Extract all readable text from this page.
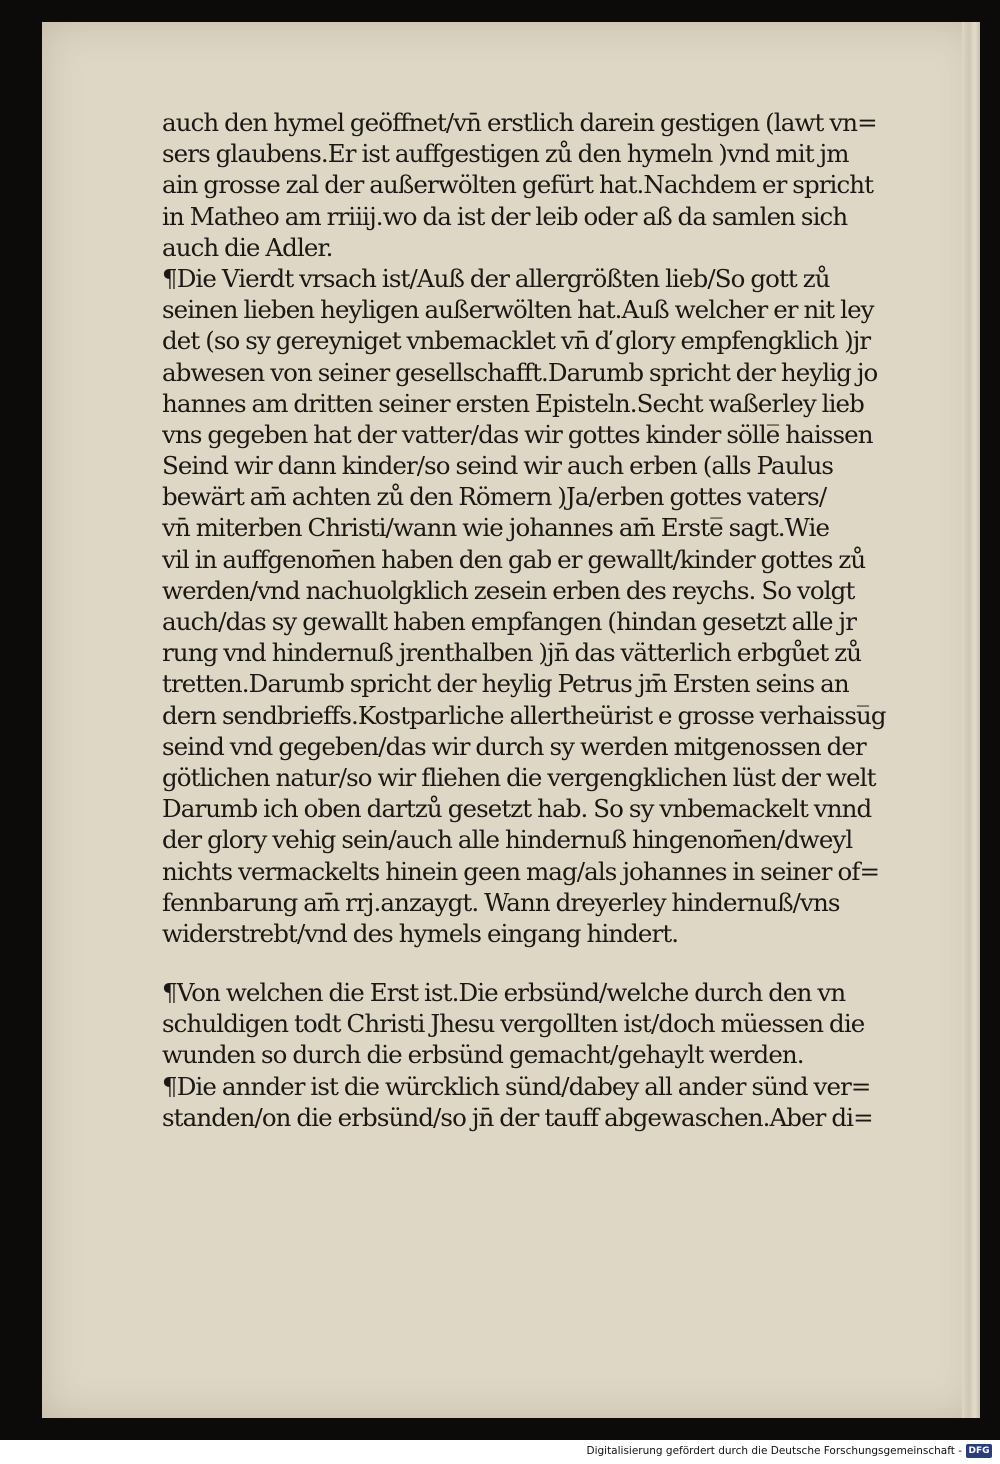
auch den hymel geöffnet/vn̄ erstlich darein gestigen (lawt vn=
sers glaubens.Er ist auffgestigen zů den hymeln )vnd mit jm
ain grosse zal der außerwölten gefürt hat.Nachdem er spricht
in Matheo am rriiij.wo da ist der leib oder aß da samlen sich
auch die Adler.
¶Die Vierdt vrsach ist/Auß der allergrößten lieb/So gott zů
seinen lieben heyligen außerwölten hat.Auß welcher er nit ley
det (so sy gereyniget vnbemacklet vn̄ ď glory empfengklich )jr
abwesen von seiner gesellschafft.Darumb spricht der heylig jo
hannes am dritten seiner ersten Episteln.Secht waßerley lieb
vns gegeben hat der vatter/das wir gottes kinder sölle̅ haissen
Seind wir dann kinder/so seind wir auch erben (alls Paulus
bewärt am̄ achten zů den Römern )Ja/erben gottes vaters/
vn̄ miterben Christi/wann wie johannes am̄ Erste̅ sagt.Wie
vil in auffgenom̄en haben den gab er gewallt/kinder gottes zů
werden/vnd nachuolgklich zesein erben des reychs. So volgt
auch/das sy gewallt haben empfangen (hindan gesetzt alle jr
rung vnd hindernuß jrenthalben )jn̄ das vätterlich erbgůet zů
tretten.Darumb spricht der heylig Petrus jm̄ Ersten seins an
dern sendbrieffs.Kostparliche allertheürist e grosse verhaissu̅g
seind vnd gegeben/das wir durch sy werden mitgenossen der
götlichen natur/so wir fliehen die vergengklichen lüst der welt
Darumb ich oben dartzů gesetzt hab. So sy vnbemackelt vnnd
der glory vehig sein/auch alle hindernuß hingenom̄en/dweyl
nichts vermackelts hinein geen mag/als johannes in seiner of=
fennbarung am̄ rrj.anzaygt. Wann dreyerley hindernuß/vns
widerstrebt/vnd des hymels eingang hindert.
¶Von welchen die Erst ist.Die erbsünd/welche durch den vn
schuldigen todt Christi Jhesu vergollten ist/doch müessen die
wunden so durch die erbsünd gemacht/gehaylt werden.
¶Die annder ist die würcklich sünd/dabey all ander sünd ver=
standen/on die erbsünd/so jn̄ der tauff abgewaschen.Aber di=
Digitalisierung gefördert durch die Deutsche Forschungsgemeinschaft - DFG
